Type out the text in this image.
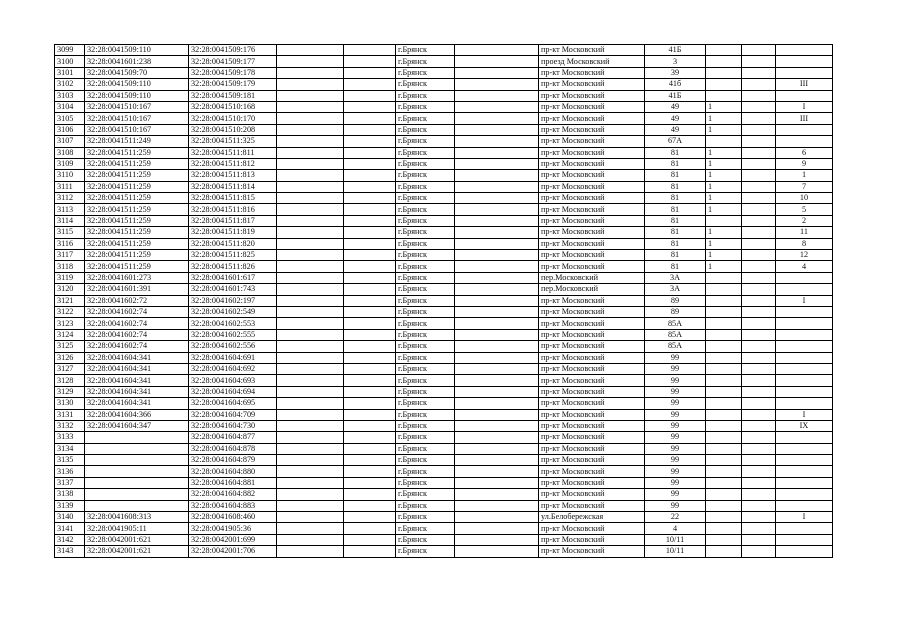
3099	32:28:0041509:110	32:28:0041509:176			г.Брянск		пр-кт Московский	41Б			
3100	32:28:0041601:238	32:28:0041509:177			г.Брянск		проезд Московский	3			
3101	32:28:0041509:70	32:28:0041509:178			г.Брянск		пр-кт Московский	39			
3102	32:28:0041509:110	32:28:0041509:179			г.Брянск		пр-кт Московский	41б			III
3103	32:28:0041509:110	32:28:0041509:181			г.Брянск		пр-кт Московский	41Б			
3104	32:28:0041510:167	32:28:0041510:168			г.Брянск		пр-кт Московский	49	1		I
3105	32:28:0041510:167	32:28:0041510:170			г.Брянск		пр-кт Московский	49	1		III
3106	32:28:0041510:167	32:28:0041510:208			г.Брянск		пр-кт Московский	49	1		
3107	32:28:0041511:249	32:28:0041511:325			г.Брянск		пр-кт Московский	67А			
3108	32:28:0041511:259	32:28:0041511:811			г.Брянск		пр-кт Московский	81	1		6
3109	32:28:0041511:259	32:28:0041511:812			г.Брянск		пр-кт Московский	81	1		9
3110	32:28:0041511:259	32:28:0041511:813			г.Брянск		пр-кт Московский	81	1		1
3111	32:28:0041511:259	32:28:0041511:814			г.Брянск		пр-кт Московский	81	1		7
3112	32:28:0041511:259	32:28:0041511:815			г.Брянск		пр-кт Московский	81	1		10
3113	32:28:0041511:259	32:28:0041511:816			г.Брянск		пр-кт Московский	81	1		5
3114	32:28:0041511:259	32:28:0041511:817			г.Брянск		пр-кт Московский	81			2
3115	32:28:0041511:259	32:28:0041511:819			г.Брянск		пр-кт Московский	81	1		11
3116	32:28:0041511:259	32:28:0041511:820			г.Брянск		пр-кт Московский	81	1		8
3117	32:28:0041511:259	32:28:0041511:825			г.Брянск		пр-кт Московский	81	1		12
3118	32:28:0041511:259	32:28:0041511:826			г.Брянск		пр-кт Московский	81	1		4
3119	32:28:0041601:273	32:28:0041601:617			г.Брянск		пер.Московский	3А			
3120	32:28:0041601:391	32:28:0041601:743			г.Брянск		пер.Московский	3А			
3121	32:28:0041602:72	32:28:0041602:197			г.Брянск		пр-кт Московский	89			I
3122	32:28:0041602:74	32:28:0041602:549			г.Брянск		пр-кт Московский	89			
3123	32:28:0041602:74	32:28:0041602:553			г.Брянск		пр-кт Московский	85А			
3124	32:28:0041602:74	32:28:0041602:555			г.Брянск		пр-кт Московский	85А			
3125	32:28:0041602:74	32:28:0041602:556			г.Брянск		пр-кт Московский	85А			
3126	32:28:0041604:341	32:28:0041604:691			г.Брянск		пр-кт Московский	99			
3127	32:28:0041604:341	32:28:0041604:692			г.Брянск		пр-кт Московский	99			
3128	32:28:0041604:341	32:28:0041604:693			г.Брянск		пр-кт Московский	99			
3129	32:28:0041604:341	32:28:0041604:694			г.Брянск		пр-кт Московский	99			
3130	32:28:0041604:341	32:28:0041604:695			г.Брянск		пр-кт Московский	99			
3131	32:28:0041604:366	32:28:0041604:709			г.Брянск		пр-кт Московский	99			I
3132	32:28:0041604:347	32:28:0041604:730			г.Брянск		пр-кт Московский	99			IX
3133		32:28:0041604:877			г.Брянск		пр-кт Московский	99			
3134		32:28:0041604:878			г.Брянск		пр-кт Московский	99			
3135		32:28:0041604:879			г.Брянск		пр-кт Московский	99			
3136		32:28:0041604:880			г.Брянск		пр-кт Московский	99			
3137		32:28:0041604:881			г.Брянск		пр-кт Московский	99			
3138		32:28:0041604:882			г.Брянск		пр-кт Московский	99			
3139		32:28:0041604:883			г.Брянск		пр-кт Московский	99			
3140	32:28:0041608:313	32:28:0041608:460			г.Брянск		ул.Белобережская	22			I
3141	32:28:0041905:11	32:28:0041905:36			г.Брянск		пр-кт Московский	4			
3142	32:28:0042001:621	32:28:0042001:699			г.Брянск		пр-кт Московский	10/11			
3143	32:28:0042001:621	32:28:0042001:706			г.Брянск		пр-кт Московский	10/11			
